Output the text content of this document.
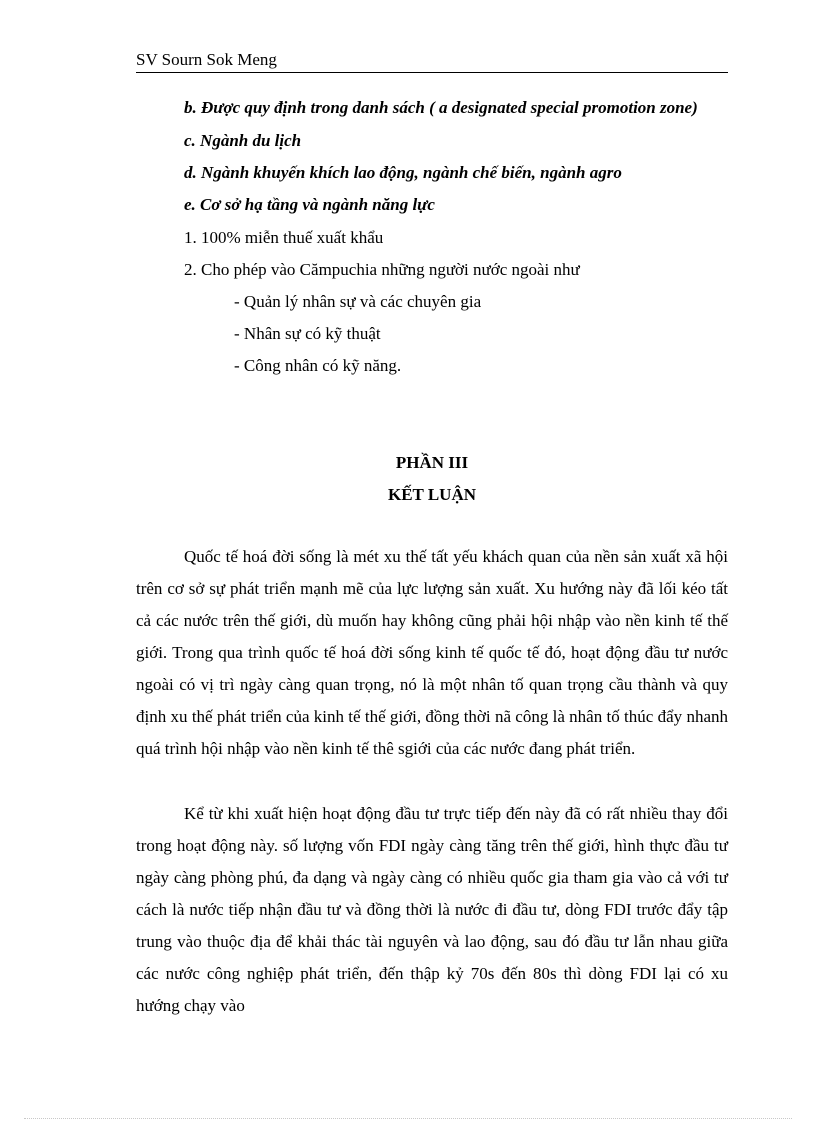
SV Sourn Sok Meng
b. Được quy định trong danh sách ( a designated special promotion zone)
c. Ngành du lịch
d. Ngành khuyến khích lao động, ngành chế biến, ngành agro
e. Cơ sở hạ tầng và ngành năng lực
1. 100% miễn thuế xuất khẩu
2. Cho phép vào Cămpuchia những người nước ngoài như
- Quản lý nhân sự và các chuyên gia
- Nhân sự có kỹ thuật
- Công nhân có kỹ năng.
PHẦN III
KẾT LUẬN

Quốc tế hoá đời sống là mét xu thế tất yếu khách quan của nền sản xuất xã hội trên cơ sở sự phát triển mạnh mẽ của lực lượng sản xuất. Xu hướng này đã lối kéo tất cả các nước trên thế giới, dù muốn hay không cũng phải hội nhập vào nền kinh tế thế giới. Trong qua trình quốc tế hoá đời sống kinh tế quốc tế đó, hoạt động đầu tư nước ngoài có vị trì ngày càng quan trọng, nó là một nhân tố quan trọng cầu thành và quy định xu thế phát triển của kinh tế thế giới, đồng thời nã công là nhân tố thúc đẩy nhanh quá trình hội nhập vào nền kinh tế thê sgiới của các nước đang phát triển.

Kể từ khi xuất hiện hoạt động đầu tư trực tiếp đến này đã có rất nhiều thay đổi trong hoạt động này. số lượng vốn FDI ngày càng tăng trên thế giới, hình thực đầu tư ngày càng phòng phú, đa dạng và ngày càng có nhiều quốc gia tham gia vào cả với tư cách là nước tiếp nhận đầu tư và đồng thời là nước đi đầu tư, dòng FDI trước đẩy tập trung vào thuộc địa để khải thác tài nguyên và lao động, sau đó đầu tư lẫn nhau giữa các nước công nghiệp phát triển, đến thập kỷ 70s đến 80s thì dòng FDI lại có xu hướng chạy vào
